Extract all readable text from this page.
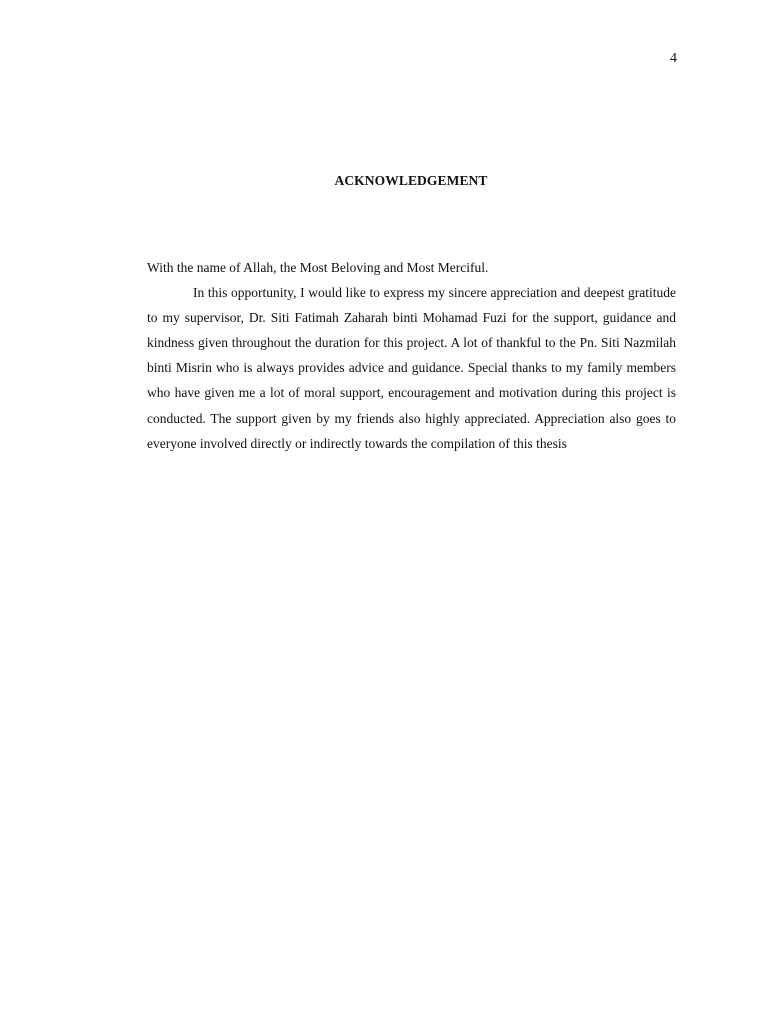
4
ACKNOWLEDGEMENT

With the name of Allah, the Most Beloving and Most Merciful.

In this opportunity, I would like to express my sincere appreciation and deepest gratitude to my supervisor, Dr. Siti Fatimah Zaharah binti Mohamad Fuzi for the support, guidance and kindness given throughout the duration for this project. A lot of thankful to the Pn. Siti Nazmilah binti Misrin who is always provides advice and guidance. Special thanks to my family members who have given me a lot of moral support, encouragement and motivation during this project is conducted. The support given by my friends also highly appreciated. Appreciation also goes to everyone involved directly or indirectly towards the compilation of this thesis
